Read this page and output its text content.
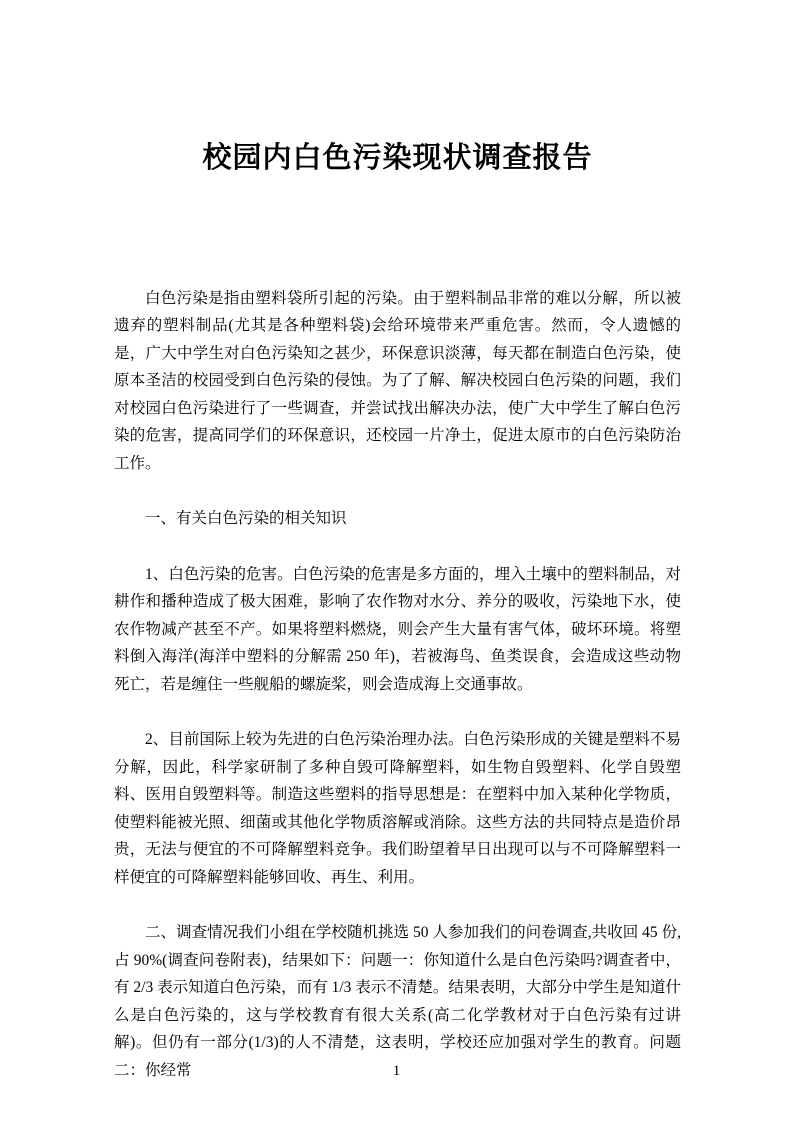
校园内白色污染现状调查报告

白色污染是指由塑料袋所引起的污染。由于塑料制品非常的难以分解，所以被遗弃的塑料制品(尤其是各种塑料袋)会给环境带来严重危害。然而，令人遗憾的是，广大中学生对白色污染知之甚少，环保意识淡薄，每天都在制造白色污染，使原本圣洁的校园受到白色污染的侵蚀。为了了解、解决校园白色污染的问题，我们对校园白色污染进行了一些调查，并尝试找出解决办法，使广大中学生了解白色污染的危害，提高同学们的环保意识，还校园一片净土，促进太原市的白色污染防治工作。

一、有关白色污染的相关知识

1、白色污染的危害。白色污染的危害是多方面的，埋入土壤中的塑料制品，对耕作和播种造成了极大困难，影响了农作物对水分、养分的吸收，污染地下水，使农作物减产甚至不产。如果将塑料燃烧，则会产生大量有害气体，破坏环境。将塑料倒入海洋(海洋中塑料的分解需 250 年)，若被海鸟、鱼类误食，会造成这些动物死亡，若是缠住一些舰船的螺旋桨，则会造成海上交通事故。

2、目前国际上较为先进的白色污染治理办法。白色污染形成的关键是塑料不易分解，因此，科学家研制了多种自毁可降解塑料，如生物自毁塑料、化学自毁塑料、医用自毁塑料等。制造这些塑料的指导思想是：在塑料中加入某种化学物质，使塑料能被光照、细菌或其他化学物质溶解或消除。这些方法的共同特点是造价昂贵，无法与便宜的不可降解塑料竞争。我们盼望着早日出现可以与不可降解塑料一样便宜的可降解塑料能够回收、再生、利用。

二、调查情况我们小组在学校随机挑选 50 人参加我们的问卷调查,共收回 45 份,占 90%(调查问卷附表)，结果如下：问题一：你知道什么是白色污染吗?调查者中，有 2/3 表示知道白色污染，而有 1/3 表示不清楚。结果表明，大部分中学生是知道什么是白色污染的，这与学校教育有很大关系(高二化学教材对于白色污染有过讲解)。但仍有一部分(1/3)的人不清楚，这表明，学校还应加强对学生的教育。问题二：你经常	1
